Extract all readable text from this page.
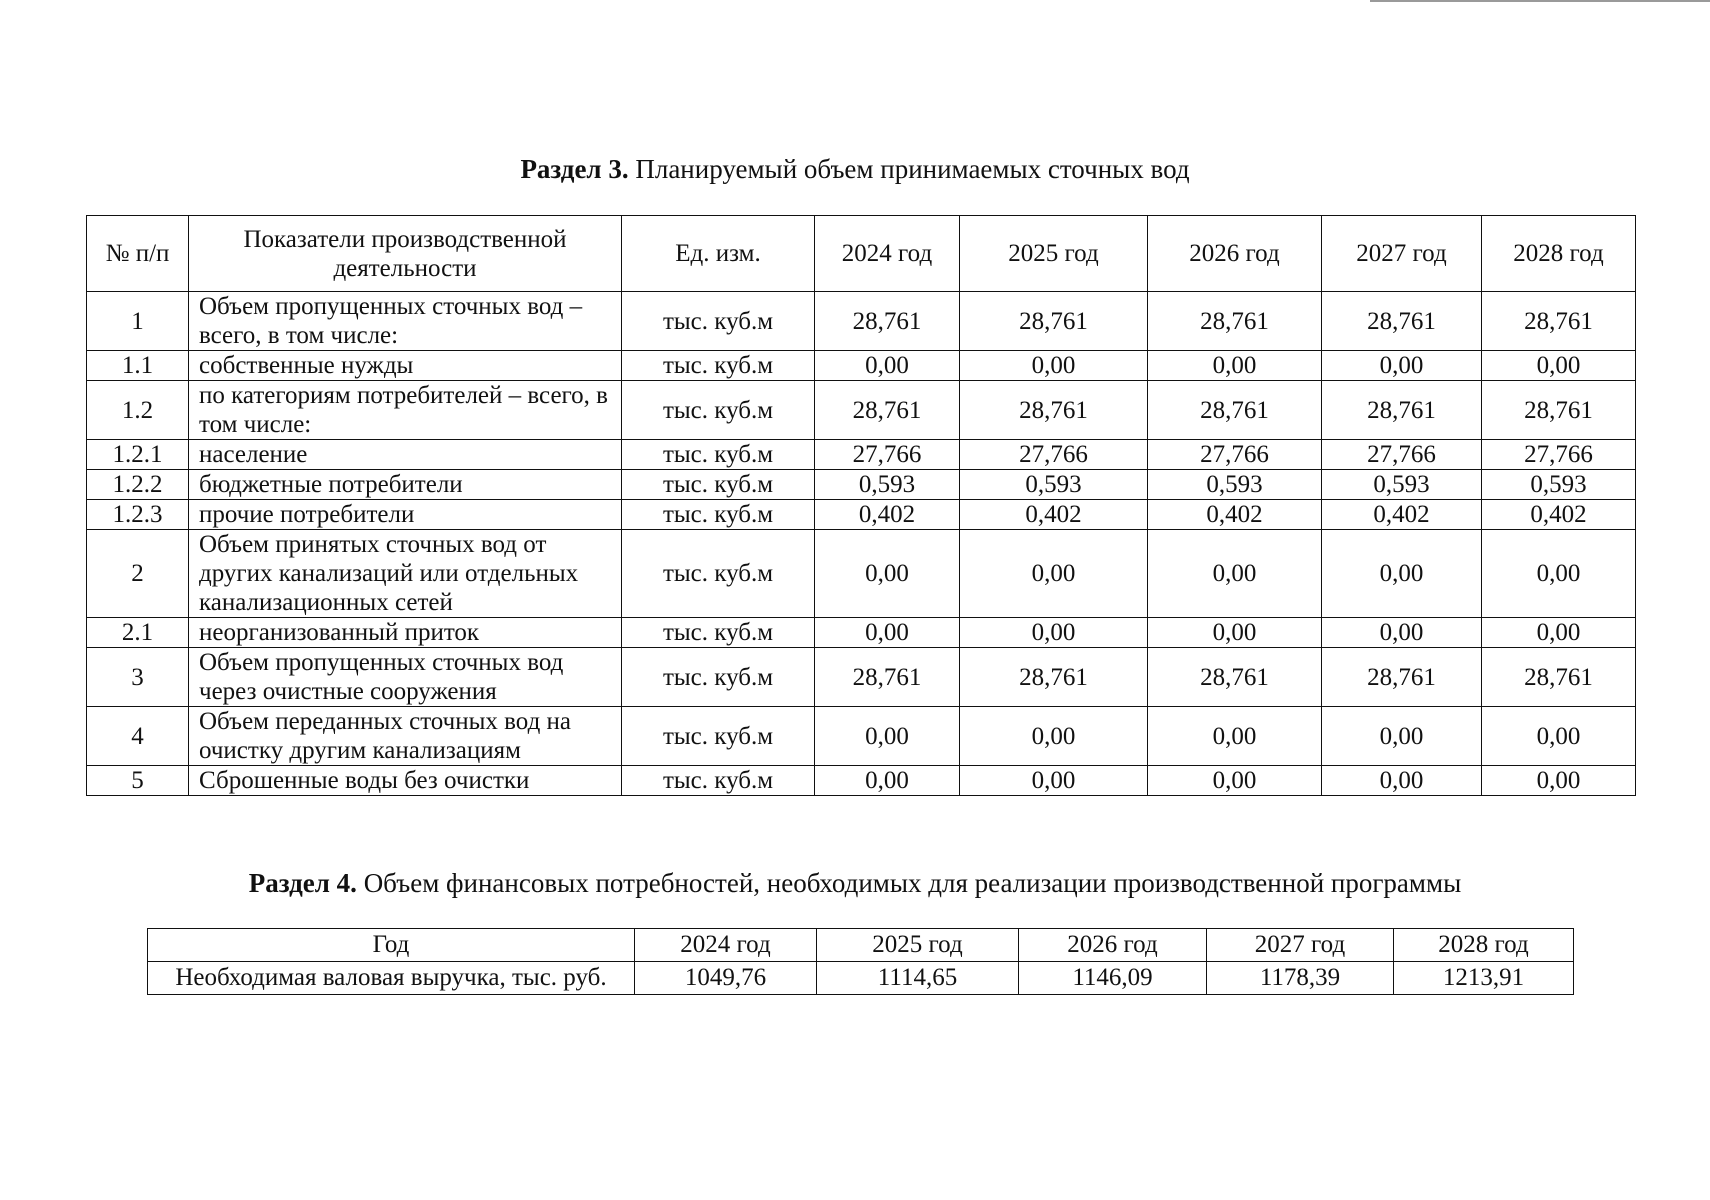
Раздел 3. Планируемый объем принимаемых сточных вод
№ п/п	Показатели производственной деятельности	Ед. изм.	2024 год	2025 год	2026 год	2027 год	2028 год
1	Объем пропущенных сточных вод – всего, в том числе:	тыс. куб.м	28,761	28,761	28,761	28,761	28,761
1.1	собственные нужды	тыс. куб.м	0,00	0,00	0,00	0,00	0,00
1.2	по категориям потребителей – всего, в том числе:	тыс. куб.м	28,761	28,761	28,761	28,761	28,761
1.2.1	население	тыс. куб.м	27,766	27,766	27,766	27,766	27,766
1.2.2	бюджетные потребители	тыс. куб.м	0,593	0,593	0,593	0,593	0,593
1.2.3	прочие потребители	тыс. куб.м	0,402	0,402	0,402	0,402	0,402
2	Объем принятых сточных вод от других канализаций или отдельных канализационных сетей	тыс. куб.м	0,00	0,00	0,00	0,00	0,00
2.1	неорганизованный приток	тыс. куб.м	0,00	0,00	0,00	0,00	0,00
3	Объем пропущенных сточных вод через очистные сооружения	тыс. куб.м	28,761	28,761	28,761	28,761	28,761
4	Объем переданных сточных вод на очистку другим канализациям	тыс. куб.м	0,00	0,00	0,00	0,00	0,00
5	Сброшенные воды без очистки	тыс. куб.м	0,00	0,00	0,00	0,00	0,00
Раздел 4. Объем финансовых потребностей, необходимых для реализации производственной программы
Год	2024 год	2025 год	2026 год	2027 год	2028 год
Необходимая валовая выручка, тыс. руб.	1049,76	1114,65	1146,09	1178,39	1213,91
